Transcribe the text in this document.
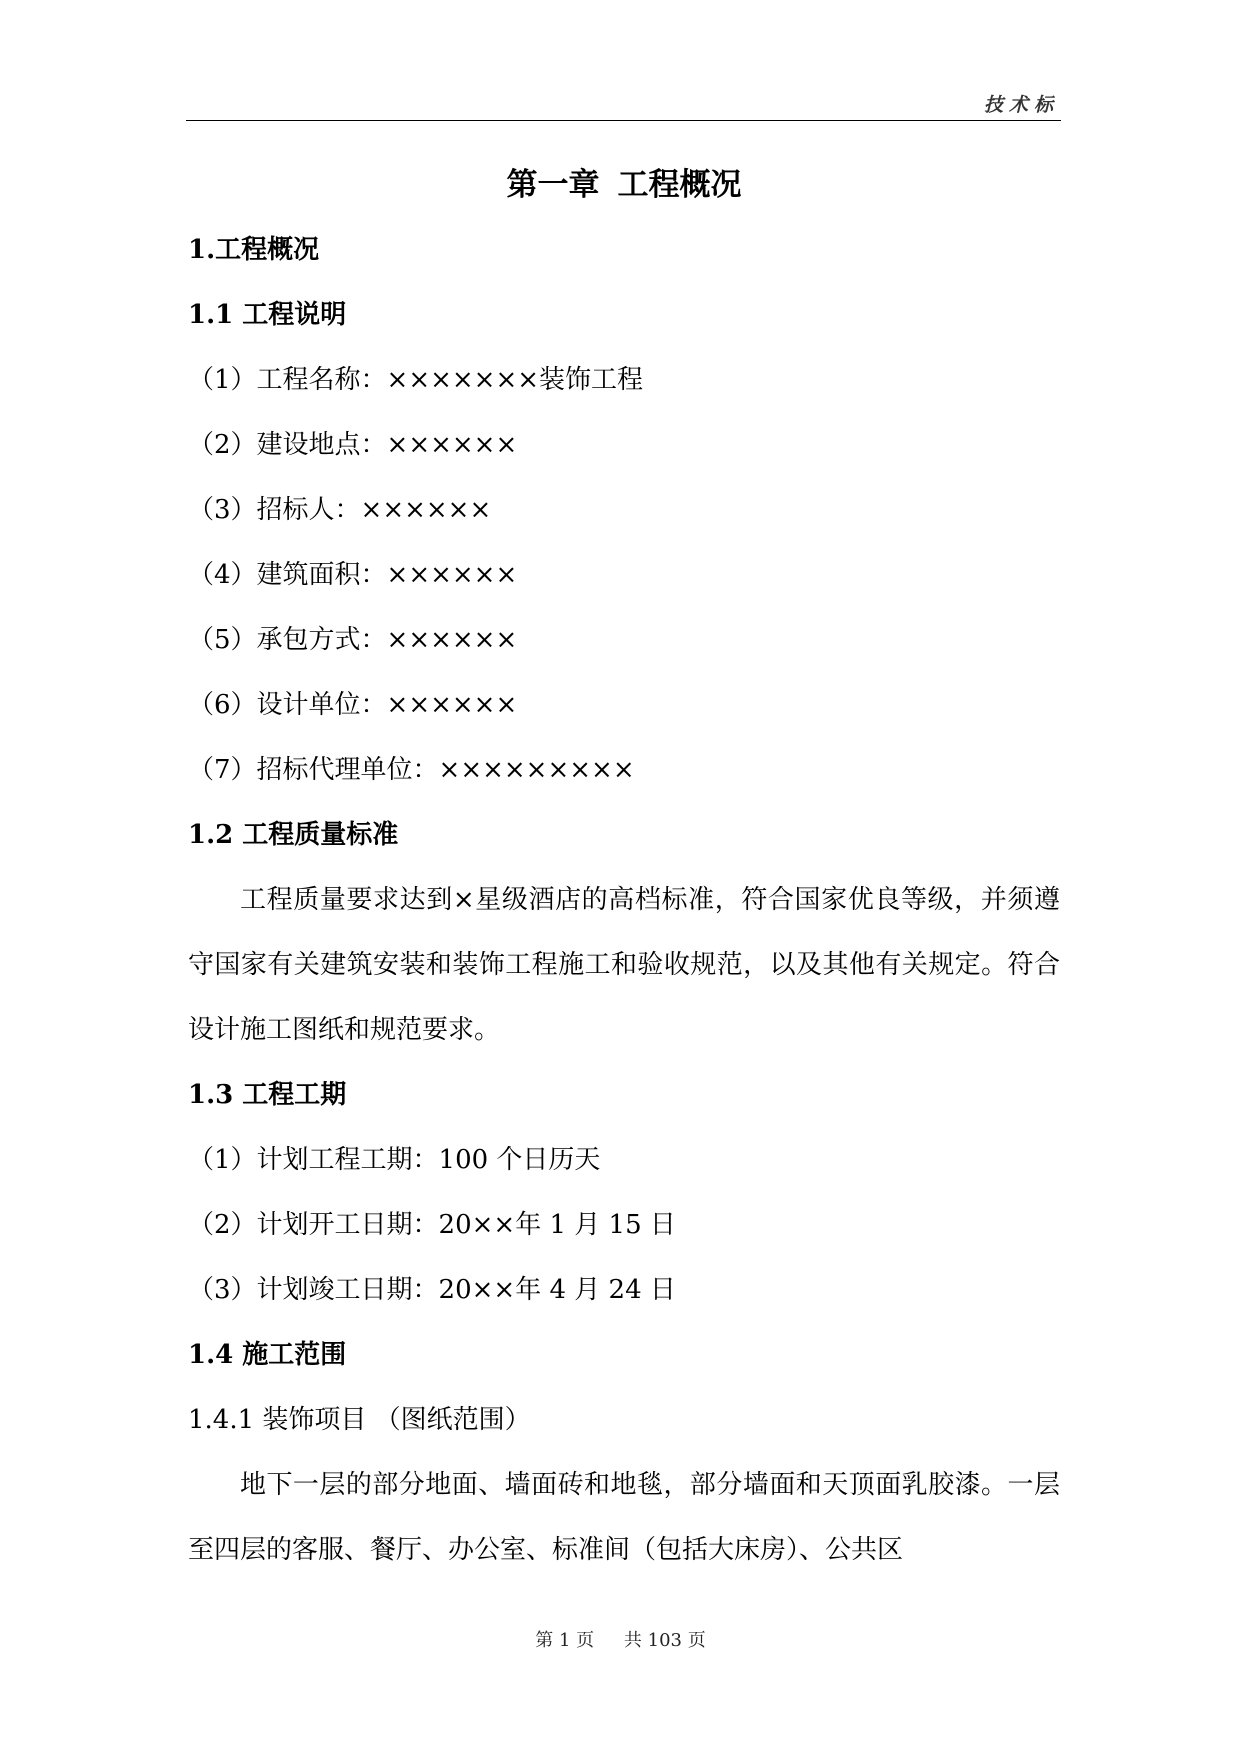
技术标
第一章 工程概况

1.工程概况

1.1 工程说明

（1）工程名称：×××××××装饰工程

（2）建设地点：××××××

（3）招标人：××××××

（4）建筑面积：××××××

（5）承包方式：××××××

（6）设计单位：××××××

（7）招标代理单位：×××××××××

1.2 工程质量标准

工程质量要求达到×星级酒店的高档标准，符合国家优良等级，并须遵守国家有关建筑安装和装饰工程施工和验收规范，以及其他有关规定。符合设计施工图纸和规范要求。

1.3 工程工期

（1）计划工程工期：100 个日历天

（2）计划开工日期：20××年 1 月 15 日

（3）计划竣工日期：20××年 4 月 24 日

1.4 施工范围

1.4.1 装饰项目 （图纸范围）

地下一层的部分地面、墙面砖和地毯，部分墙面和天顶面乳胶漆。一层至四层的客服、餐厅、办公室、标准间（包括大床房）、公共区

第 1 页 共 103 页
